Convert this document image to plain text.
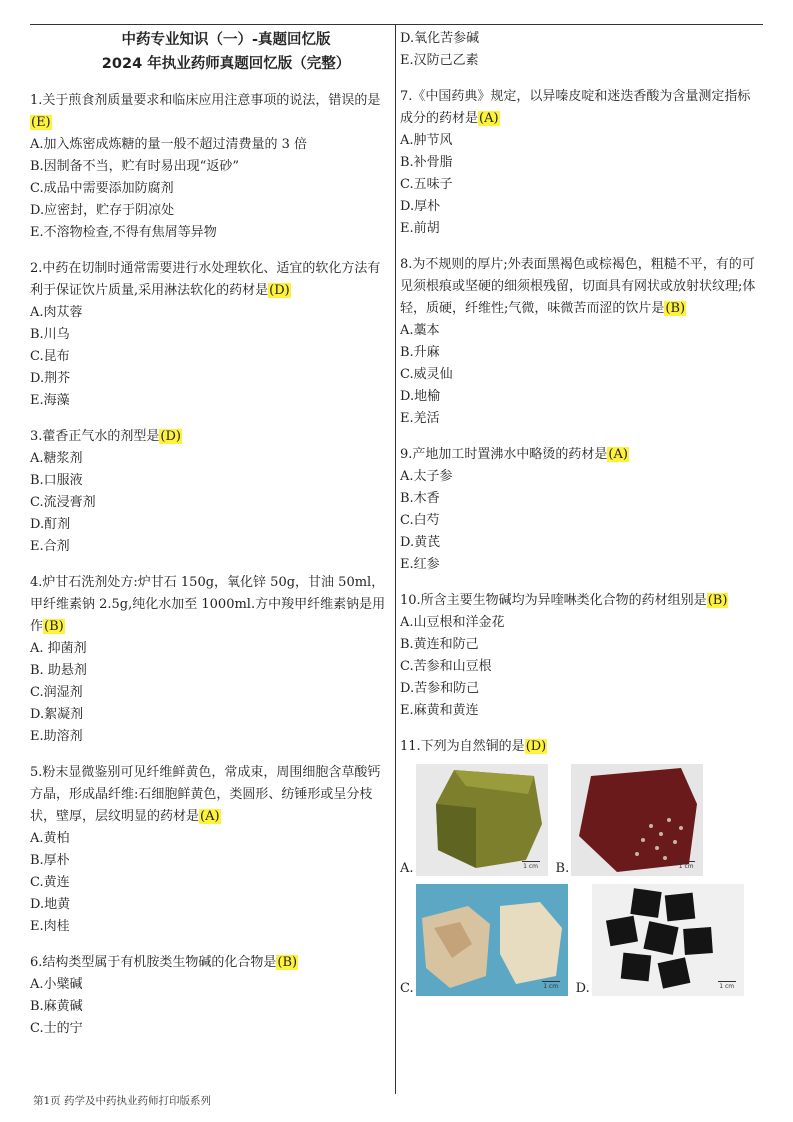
中药专业知识（一）-真题回忆版
2024 年执业药师真题回忆版（完整）
1.关于煎食剂质量要求和临床应用注意事项的说法，错误的是(E)
A.加入炼密成炼糖的量一般不超过清费量的 3 倍
B.因制备不当，贮有时易出现“返砂”
C.成品中需要添加防腐剂
D.应密封，贮存于阴凉处
E.不溶物检查,不得有焦屑等异物
2.中药在切制时通常需要进行水处理软化、适宜的软化方法有利于保证饮片质量,采用淋法软化的药材是(D)
A.肉苁蓉
B.川乌
C.昆布
D.荆芥
E.海藻
3.藿香正气水的剂型是(D)
A.糖浆剂
B.口服液
C.流浸膏剂
D.酊剂
E.合剂
4.炉甘石洗剂处方:炉甘石 150g，氧化锌 50g，甘油 50ml，甲纤维素钠 2.5g,纯化水加至 1000ml.方中羧甲纤维素钠是用作(B)
A. 抑菌剂
B. 助悬剂
C.润湿剂
D.絮凝剂
E.助溶剂
5.粉末显微鉴别可见纤维鲜黄色，常成束，周围细胞含草酸钙方晶，形成晶纤维:石细胞鲜黄色，类圆形、纺锤形或呈分枝状，壁厚，层纹明显的药材是(A)
A.黄柏
B.厚朴
C.黄连
D.地黄
E.肉桂
6.结构类型属于有机胺类生物碱的化合物是(B)
A.小檗碱
B.麻黄碱
C.士的宁
D.氧化苦参碱
E.汉防己乙素
7.《中国药典》规定，以异嗪皮啶和迷迭香酸为含量测定指标成分的药材是(A)
A.肿节风
B.补骨脂
C.五味子
D.厚朴
E.前胡
8.为不规则的厚片;外表面黑褐色或棕褐色，粗糙不平，有的可见须根痕或坚硬的细须根残留，切面具有网状或放射状纹理;体轻，质硬，纤维性;气微，味微苦而涩的饮片是(B)
A.藁本
B.升麻
C.威灵仙
D.地榆
E.羌活
9.产地加工时置沸水中略烫的药材是(A)
A.太子参
B.木香
C.白芍
D.黄芪
E.红参
10.所含主要生物碱均为异喹啉类化合物的药材组别是(B)
A.山豆根和洋金花
B.黄连和防己
C.苦参和山豆根
D.苦参和防己
E.麻黄和黄连
11.下列为自然铜的是(D)
A.	1 cm B.	1 cm
C.	1 cm D.	1 cm
第1页 药学及中药执业药师打印版系列
